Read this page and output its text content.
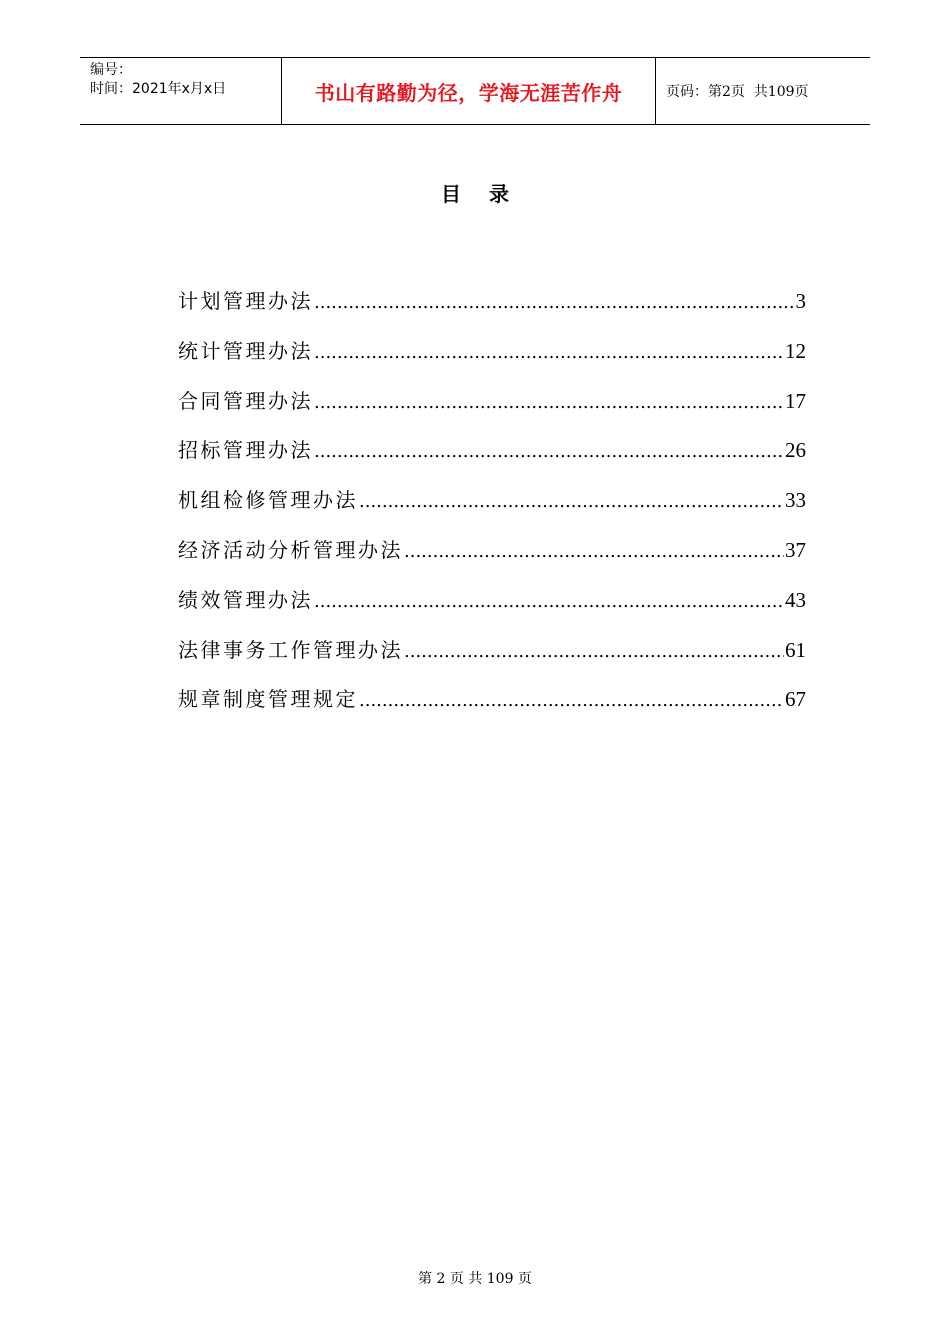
编号：
时间：2021年x月x日	书山有路勤为径，学海无涯苦作舟	页码：第2页  共109页
目录
计划管理办法 .....	3
统计管理办法 .....	12
合同管理办法 .....	17
招标管理办法 .....	26
机组检修管理办法 .....	33
经济活动分析管理办法 .....	37
绩效管理办法 .....	43
法律事务工作管理办法 .....	61
规章制度管理规定 .....	67
第 2 页 共 109 页
